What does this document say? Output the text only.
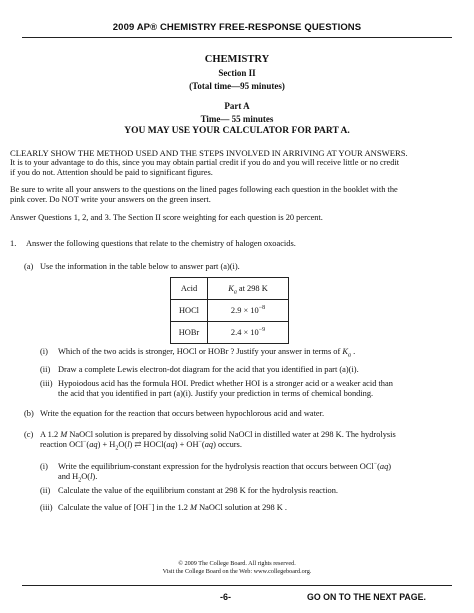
2009 AP® CHEMISTRY FREE-RESPONSE QUESTIONS
CHEMISTRY
Section II
(Total time—95 minutes)
Part A
Time— 55 minutes
YOU MAY USE YOUR CALCULATOR FOR PART A.
CLEARLY SHOW THE METHOD USED AND THE STEPS INVOLVED IN ARRIVING AT YOUR ANSWERS.
It is to your advantage to do this, since you may obtain partial credit if you do and you will receive little or no credit
if you do not. Attention should be paid to significant figures.
Be sure to write all your answers to the questions on the lined pages following each question in the booklet with the
pink cover. Do NOT write your answers on the green insert.
Answer Questions 1, 2, and 3. The Section II score weighting for each question is 20 percent.
1. Answer the following questions that relate to the chemistry of halogen oxoacids.
(a) Use the information in the table below to answer part (a)(i).
Acid	$K_a$ at 298 K
HOCl	$2.9 \times 10^{-8}$
HOBr	$2.4 \times 10^{-9}$
(i) Which of the two acids is stronger, HOCl or HOBr ? Justify your answer in terms of $K_a$ .
(ii) Draw a complete Lewis electron-dot diagram for the acid that you identified in part (a)(i).
(iii) Hypoiodous acid has the formula HOI. Predict whether HOI is a stronger acid or a weaker acid than
the acid that you identified in part (a)(i). Justify your prediction in terms of chemical bonding.
(b) Write the equation for the reaction that occurs between hypochlorous acid and water.
(c) A 1.2 M NaOCl solution is prepared by dissolving solid NaOCl in distilled water at 298 K. The hydrolysis
reaction $OCl^-(aq) + H_2O(l)$ ⇄ HOCl(aq) + OH−(aq) occurs.
(i) Write the equilibrium-constant expression for the hydrolysis reaction that occurs between OCl−(aq)
and $H_2O(l)$.
(ii) Calculate the value of the equilibrium constant at 298 K for the hydrolysis reaction.
(iii) Calculate the value of [OH−] in the 1.2 M NaOCl solution at 298 K .
© 2009 The College Board. All rights reserved.
Visit the College Board on the Web: www.collegeboard.org.
-6-	GO ON TO THE NEXT PAGE.
